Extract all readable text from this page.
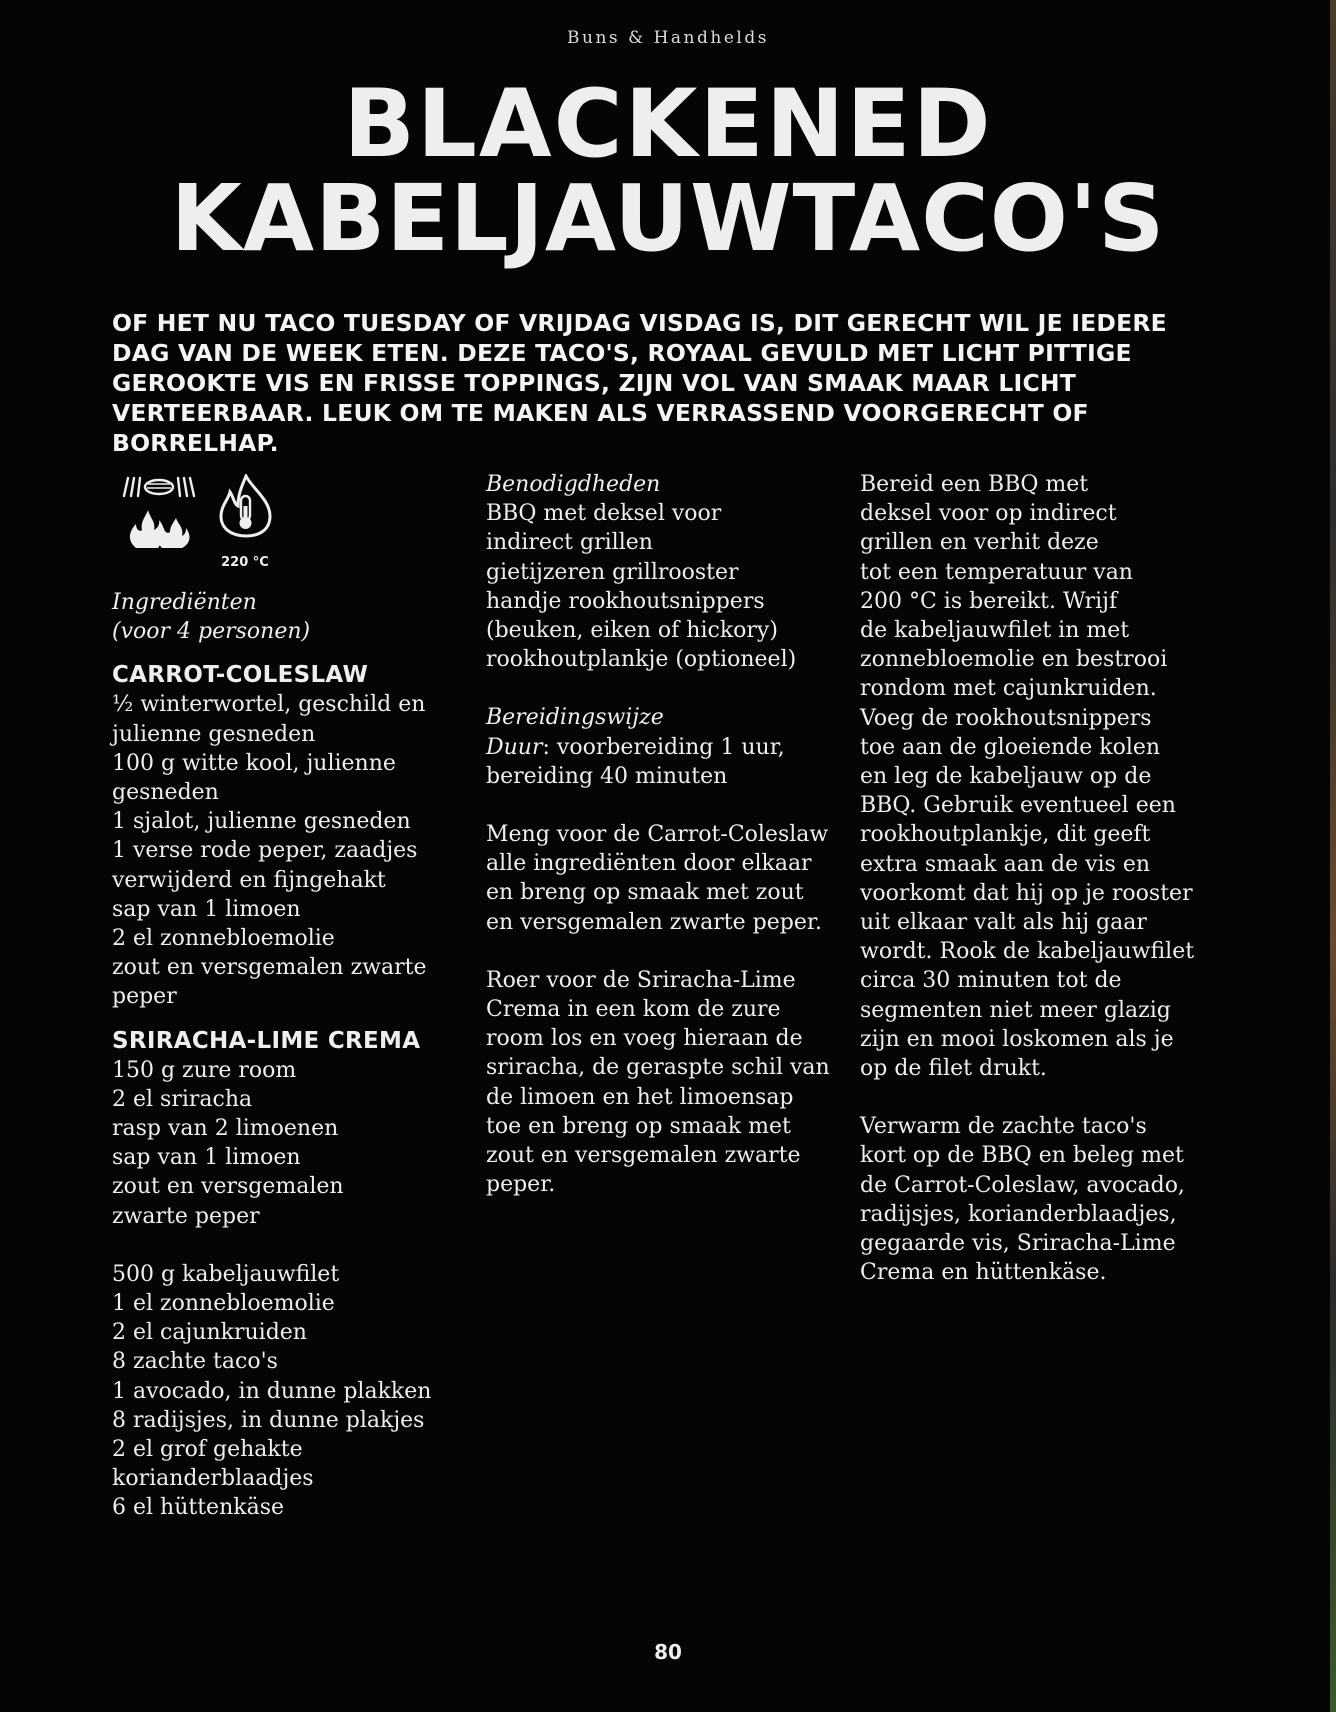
Buns & Handhelds
BLACKENED
KABELJAUWTACO'S

OF HET NU TACO TUESDAY OF VRIJDAG VISDAG IS, DIT GERECHT WIL JE IEDERE DAG VAN DE WEEK ETEN. DEZE TACO'S, ROYAAL GEVULD MET LICHT PITTIGE GEROOKTE VIS EN FRISSE TOPPINGS, ZIJN VOL VAN SMAAK MAAR LICHT VERTEERBAAR. LEUK OM TE MAKEN ALS VERRASSEND VOORGERECHT OF BORRELHAP.

220 °C

Ingrediënten

(voor 4 personen)

CARROT-COLESLAW

½ winterwortel, geschild en

julienne gesneden

100 g witte kool, julienne

gesneden

1 sjalot, julienne gesneden

1 verse rode peper, zaadjes

verwijderd en fijngehakt

sap van 1 limoen

2 el zonnebloemolie

zout en versgemalen zwarte

peper

SRIRACHA-LIME CREMA

150 g zure room

2 el sriracha

rasp van 2 limoenen

sap van 1 limoen

zout en versgemalen

zwarte peper

500 g kabeljauwfilet

1 el zonnebloemolie

2 el cajunkruiden

8 zachte taco's

1 avocado, in dunne plakken

8 radijsjes, in dunne plakjes

2 el grof gehakte

korianderblaadjes

6 el hüttenkäse

Benodigdheden

BBQ met deksel voor

indirect grillen

gietijzeren grillrooster

handje rookhoutsnippers

(beuken, eiken of hickory)

rookhoutplankje (optioneel)

Bereidingswijze

Duur: voorbereiding 1 uur,

bereiding 40 minuten

Meng voor de Carrot-Coleslaw

alle ingrediënten door elkaar

en breng op smaak met zout

en versgemalen zwarte peper.

Roer voor de Sriracha-Lime

Crema in een kom de zure

room los en voeg hieraan de

sriracha, de geraspte schil van

de limoen en het limoensap

toe en breng op smaak met

zout en versgemalen zwarte

peper.

Bereid een BBQ met

deksel voor op indirect

grillen en verhit deze

tot een temperatuur van

200 °C is bereikt. Wrijf

de kabeljauwfilet in met

zonnebloemolie en bestrooi

rondom met cajunkruiden.

Voeg de rookhoutsnippers

toe aan de gloeiende kolen

en leg de kabeljauw op de

BBQ. Gebruik eventueel een

rookhoutplankje, dit geeft

extra smaak aan de vis en

voorkomt dat hij op je rooster

uit elkaar valt als hij gaar

wordt. Rook de kabeljauwfilet

circa 30 minuten tot de

segmenten niet meer glazig

zijn en mooi loskomen als je

op de filet drukt.

Verwarm de zachte taco's

kort op de BBQ en beleg met

de Carrot-Coleslaw, avocado,

radijsjes, korianderblaadjes,

gegaarde vis, Sriracha-Lime

Crema en hüttenkäse.

80
